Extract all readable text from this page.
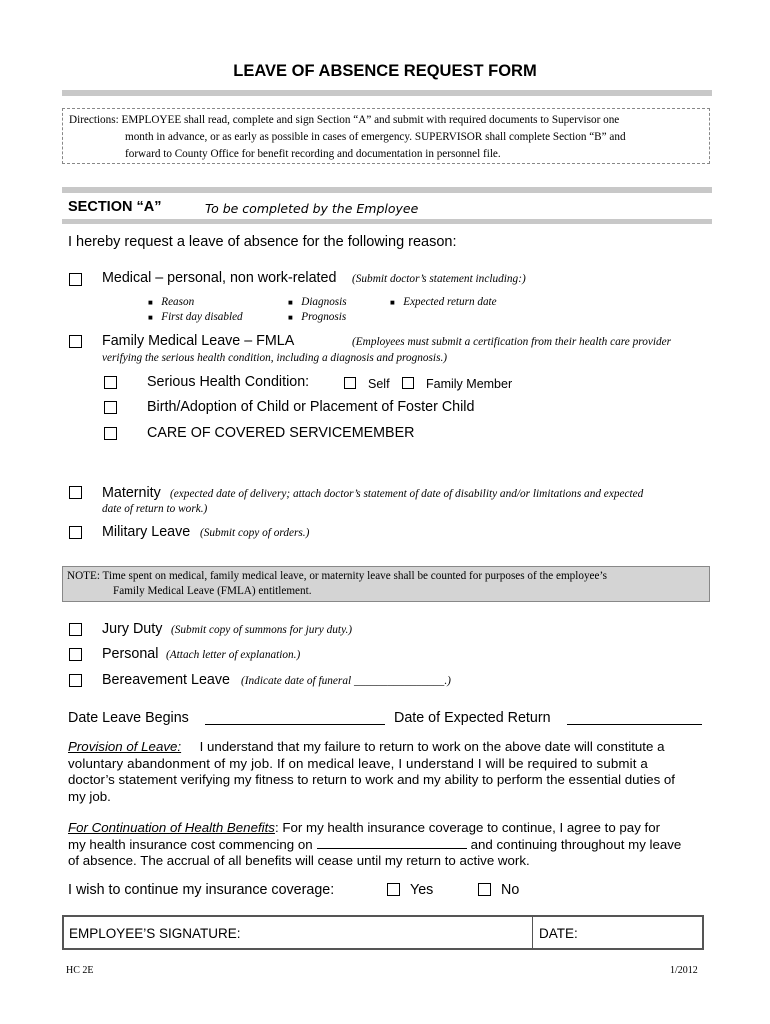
LEAVE OF ABSENCE REQUEST FORM
Directions: EMPLOYEE shall read, complete and sign Section “A” and submit with required documents to Supervisor one
month in advance, or as early as possible in cases of emergency. SUPERVISOR shall complete Section “B” and
forward to County Office for benefit recording and documentation in personnel file.
SECTION “A”	To be completed by the Employee
I hereby request a leave of absence for the following reason:
Medical – personal, non work-related (Submit doctor’s statement including:)
■ Reason
■ First day disabled
■ Diagnosis
■ Prognosis
■ Expected return date
Family Medical Leave – FMLA	(Employees must submit a certification from their health care provider
verifying the serious health condition, including a diagnosis and prognosis.)
Serious Health Condition:	Self	Family Member
Birth/Adoption of Child or Placement of Foster Child
CARE OF COVERED SERVICEMEMBER
Maternity (expected date of delivery; attach doctor’s statement of date of disability and/or limitations and expected
date of return to work.)
Military Leave (Submit copy of orders.)
NOTE: Time spent on medical, family medical leave, or maternity leave shall be counted for purposes of the employee’s
Family Medical Leave (FMLA) entitlement.
Jury Duty (Submit copy of summons for jury duty.)
Personal (Attach letter of explanation.)
Bereavement Leave (Indicate date of funeral ________________.)
Date Leave Begins	Date of Expected Return
Provision of Leave: I understand that my failure to return to work on the above date will constitute a
voluntary abandonment of my job. If on medical leave, I understand I will be required to submit a
doctor’s statement verifying my fitness to return to work and my ability to perform the essential duties of
my job.
For Continuation of Health Benefits: For my health insurance coverage to continue, I agree to pay for
my health insurance cost commencing on	and continuing throughout my leave
of absence. The accrual of all benefits will cease until my return to active work.
I wish to continue my insurance coverage:	Yes	No
EMPLOYEE’S SIGNATURE:	DATE:
HC 2E	1/2012
